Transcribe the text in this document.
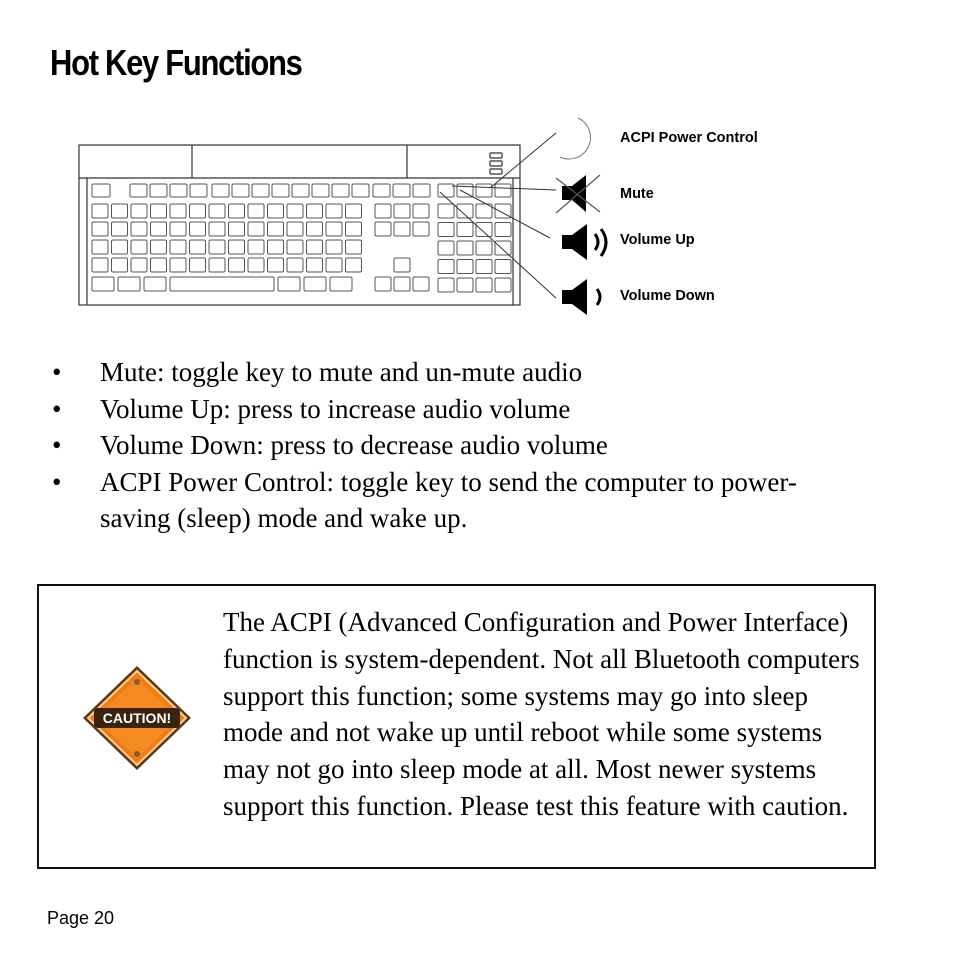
Hot Key Functions
ACPI Power Control
Mute
Volume Up
Volume Down
• Mute: toggle key to mute and un-mute audio
• Volume Up: press to increase audio volume
• Volume Down: press to decrease audio volume
• ACPI Power Control: toggle key to send the computer to power-saving (sleep) mode and wake up.
CAUTION!

The ACPI (Advanced Configuration and Power Interface) function is system-dependent. Not all Bluetooth computers support this function; some systems may go into sleep mode and not wake up until reboot while some systems may not go into sleep mode at all. Most newer systems support this function. Please test this feature with caution.

Page 20
